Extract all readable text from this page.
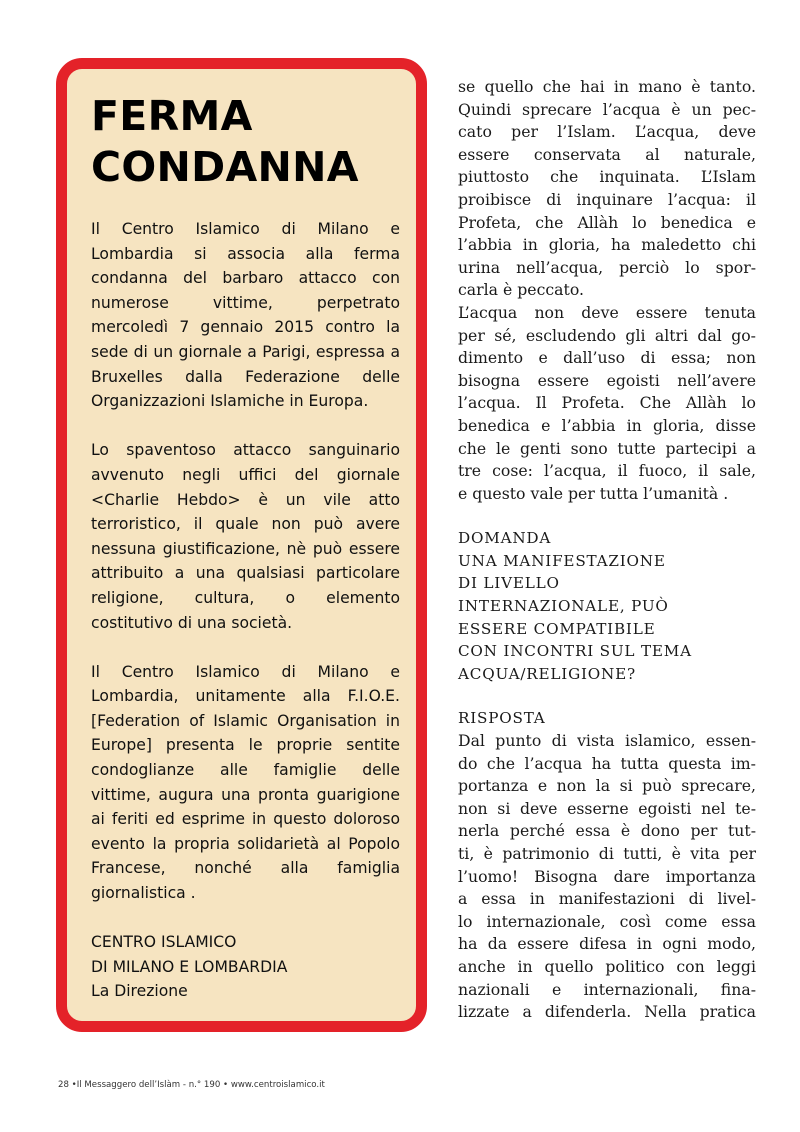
FERMA
CONDANNA

Il Centro Islamico di Milano e Lombardia si associa alla ferma condanna del barbaro attacco con numerose vittime, perpetrato mercoledì 7 gennaio 2015 contro la sede di un giornale a Parigi, espressa a Bruxelles dalla Federazione delle Organizzazioni Islamiche in Europa.

Lo spaventoso attacco sanguinario avvenuto negli uffici del giornale <Charlie Hebdo> è un vile atto terroristico, il quale non può avere nessuna giustificazione, nè può essere attribuito a una qualsiasi particolare religione, cultura, o elemento costitutivo di una società.

Il Centro Islamico di Milano e Lombardia, unitamente alla F.I.O.E. [Federation of Islamic Organisation in Europe] presenta le proprie sentite condoglianze alle famiglie delle vittime, augura una pronta guarigione ai feriti ed esprime in questo doloroso evento la propria solidarietà al Popolo Francese, nonché alla famiglia giornalistica .

CENTRO ISLAMICO
DI MILANO E LOMBARDIA
La Direzione

se quello che hai in mano è tanto.
Quindi sprecare l’acqua è un pec-
cato per l’Islam. L’acqua, deve
essere conservata al naturale,
piuttosto che inquinata. L’Islam
proibisce di inquinare l’acqua: il
Profeta, che Allàh lo benedica e
l’abbia in gloria, ha maledetto chi
urina nell’acqua, perciò lo spor-
carla è peccato.

L’acqua non deve essere tenuta
per sé, escludendo gli altri dal go-
dimento e dall’uso di essa; non
bisogna essere egoisti nell’avere
l’acqua. Il Profeta. Che Allàh lo
benedica e l’abbia in gloria, disse
che le genti sono tutte partecipi a
tre cose: l’acqua, il fuoco, il sale,
e questo vale per tutta l’umanità .

DOMANDA
UNA MANIFESTAZIONE
DI LIVELLO
INTERNAZIONALE, PUÒ
ESSERE COMPATIBILE
CON INCONTRI SUL TEMA
ACQUA/RELIGIONE?
RISPOSTA

Dal punto di vista islamico, essen-
do che l’acqua ha tutta questa im-
portanza e non la si può sprecare,
non si deve esserne egoisti nel te-
nerla perché essa è dono per tut-
ti, è patrimonio di tutti, è vita per
l’uomo! Bisogna dare importanza
a essa in manifestazioni di livel-
lo internazionale, così come essa
ha da essere difesa in ogni modo,
anche in quello politico con leggi
nazionali e internazionali, fina-
lizzate a difenderla. Nella pratica

28 •Il Messaggero dell’Islàm - n.° 190 • www.centroislamico.it
